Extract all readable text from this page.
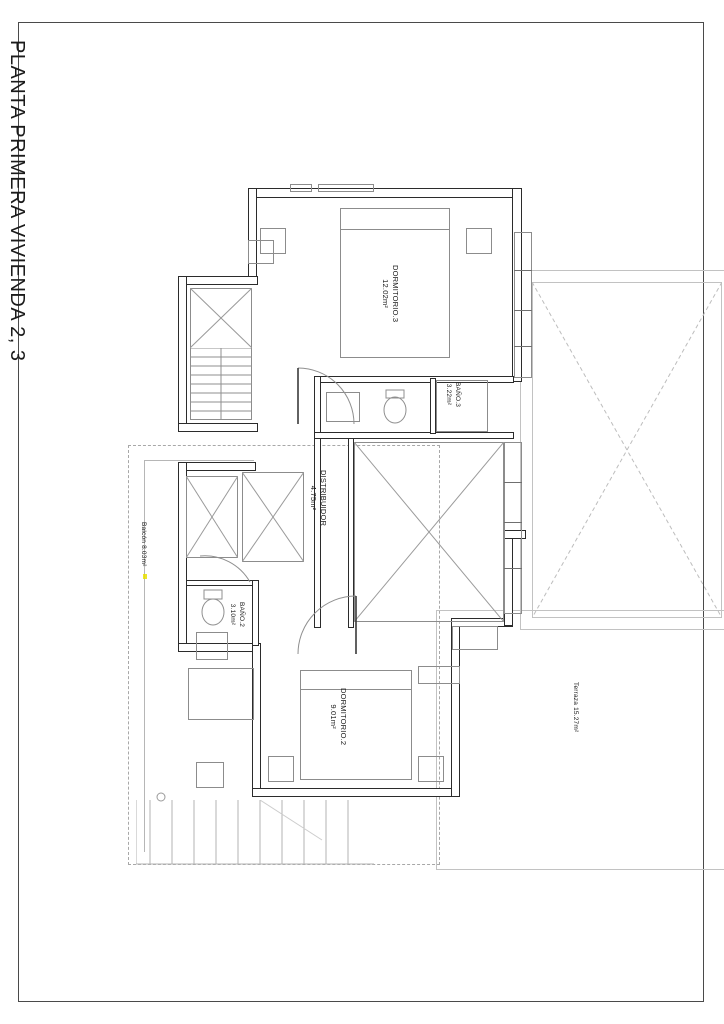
PLANTA PRIMERA VIVIENDA 2, 3	DORMITORIO.3
12.02m²
BAÑO.3
3.22m²
DISTRIBUIDOR
4.75m²
BAÑO.2
3.10m²
DORMITORIO.2
9.01m²
Balcón 8.03m²
Terraza 15.27m²
